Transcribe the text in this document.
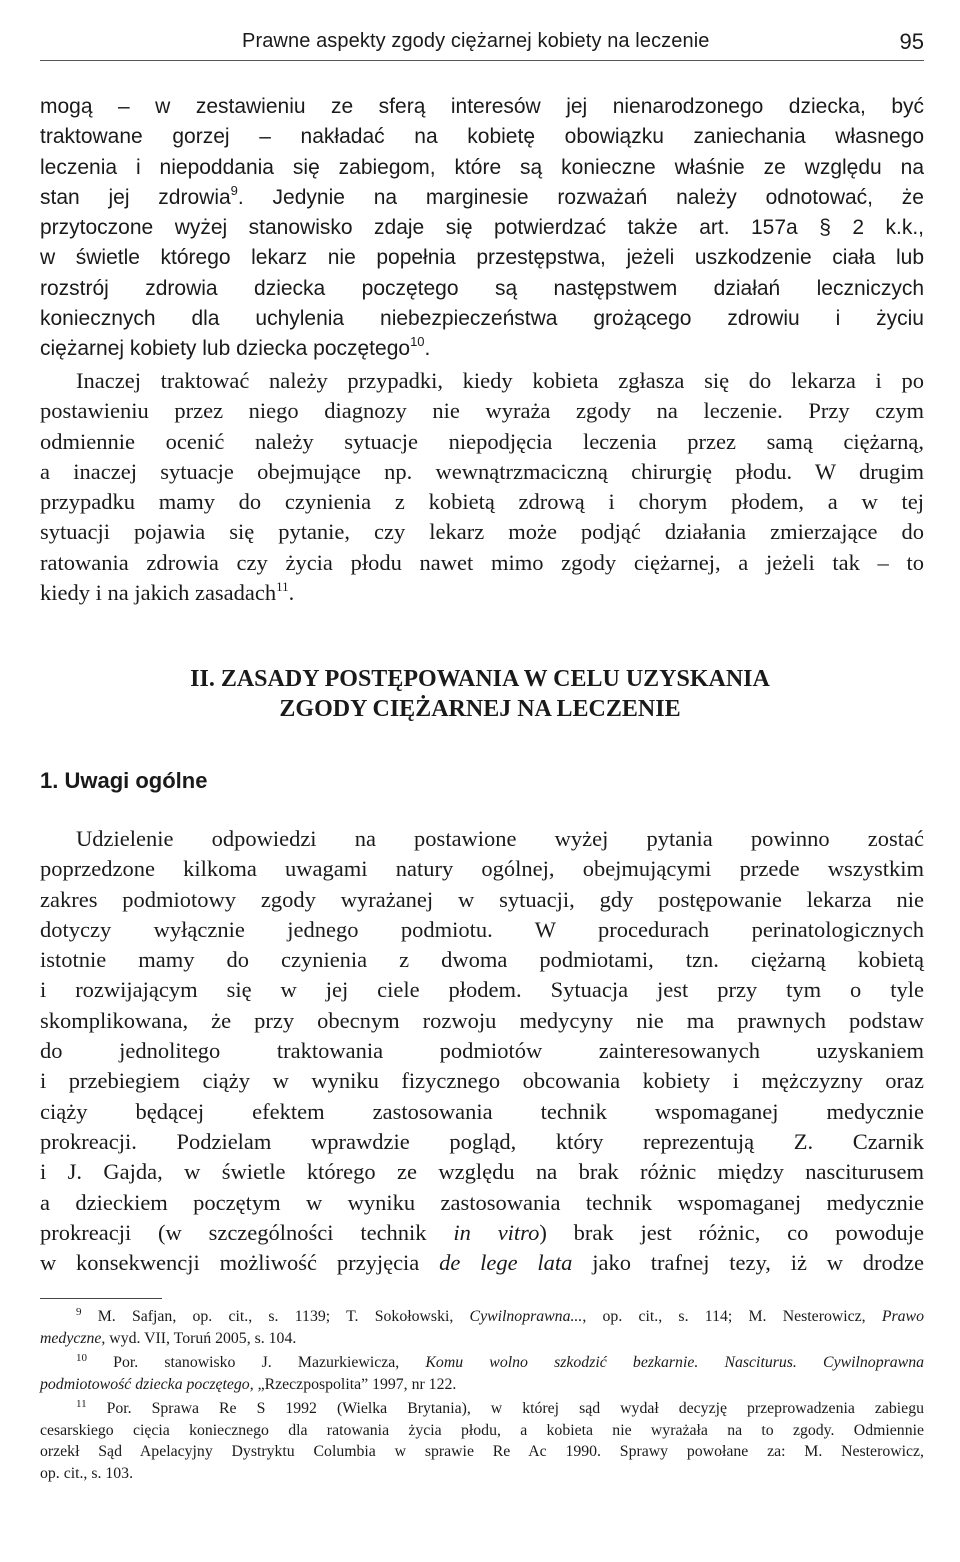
Prawne aspekty zgody ciężarnej kobiety na leczenie	95

mogą – w zestawieniu ze sferą interesów jej nienarodzonego dziecka, być
traktowane gorzej – nakładać na kobietę obowiązku zaniechania własnego
leczenia i niepoddania się zabiegom, które są konieczne właśnie ze względu na
stan jej zdrowia$^9$. Jedynie na marginesie rozważań należy odnotować, że
przytoczone wyżej stanowisko zdaje się potwierdzać także art. 157a § 2 k.k.,
w świetle którego lekarz nie popełnia przestępstwa, jeżeli uszkodzenie ciała lub
rozstrój zdrowia dziecka poczętego są następstwem działań leczniczych
koniecznych dla uchylenia niebezpieczeństwa grożącego zdrowiu i życiu
ciężarnej kobiety lub dziecka poczętego$^{10}$.

Inaczej traktować należy przypadki, kiedy kobieta zgłasza się do lekarza i po
postawieniu przez niego diagnozy nie wyraża zgody na leczenie. Przy czym
odmiennie ocenić należy sytuacje niepodjęcia leczenia przez samą ciężarną,
a inaczej sytuacje obejmujące np. wewnątrzmaciczną chirurgię płodu. W drugim
przypadku mamy do czynienia z kobietą zdrową i chorym płodem, a w tej
sytuacji pojawia się pytanie, czy lekarz może podjąć działania zmierzające do
ratowania zdrowia czy życia płodu nawet mimo zgody ciężarnej, a jeżeli tak – to
kiedy i na jakich zasadach$^{11}$.

II. ZASADY POSTĘPOWANIA W CELU UZYSKANIA
ZGODY CIĘŻARNEJ NA LECZENIE
1. Uwagi ogólne

Udzielenie odpowiedzi na postawione wyżej pytania powinno zostać
poprzedzone kilkoma uwagami natury ogólnej, obejmującymi przede wszystkim
zakres podmiotowy zgody wyrażanej w sytuacji, gdy postępowanie lekarza nie
dotyczy wyłącznie jednego podmiotu. W procedurach perinatologicznych
istotnie mamy do czynienia z dwoma podmiotami, tzn. ciężarną kobietą
i rozwijającym się w jej ciele płodem. Sytuacja jest przy tym o tyle
skomplikowana, że przy obecnym rozwoju medycyny nie ma prawnych podstaw
do jednolitego traktowania podmiotów zainteresowanych uzyskaniem
i przebiegiem ciąży w wyniku fizycznego obcowania kobiety i mężczyzny oraz
ciąży będącej efektem zastosowania technik wspomaganej medycznie
prokreacji. Podzielam wprawdzie pogląd, który reprezentują Z. Czarnik
i J. Gajda, w świetle którego ze względu na brak różnic między nasciturusem
a dzieckiem poczętym w wyniku zastosowania technik wspomaganej medycznie
prokreacji (w szczególności technik in vitro) brak jest różnic, co powoduje
w konsekwencji możliwość przyjęcia de lege lata jako trafnej tezy, iż w drodze

$^9$ M. Safjan, op. cit., s. 1139; T. Sokołowski, Cywilnoprawna..., op. cit., s. 114; M. Nesterowicz, Prawo
medyczne, wyd. VII, Toruń 2005, s. 104.
$^{10}$ Por. stanowisko J. Mazurkiewicza, Komu wolno szkodzić bezkarnie. Nasciturus. Cywilnoprawna
podmiotowość dziecka poczętego, „Rzeczpospolita” 1997, nr 122.
$^{11}$ Por. Sprawa Re S 1992 (Wielka Brytania), w której sąd wydał decyzję przeprowadzenia zabiegu
cesarskiego cięcia koniecznego dla ratowania życia płodu, a kobieta nie wyrażała na to zgody. Odmiennie
orzekł Sąd Apelacyjny Dystryktu Columbia w sprawie Re Ac 1990. Sprawy powołane za: M. Nesterowicz,
op. cit., s. 103.
